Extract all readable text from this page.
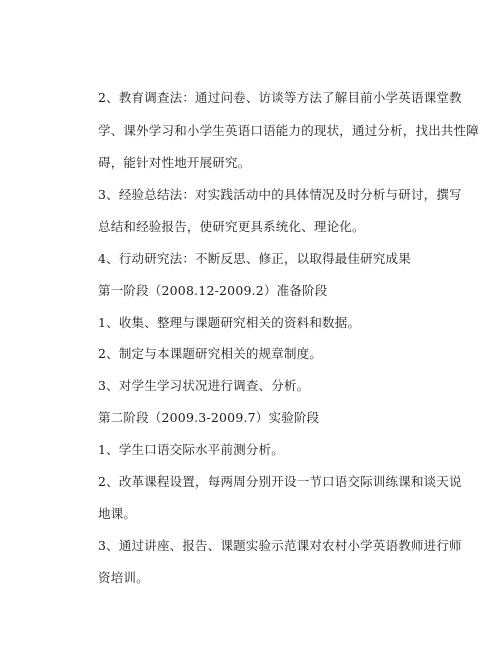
2、教育调查法：通过问卷、访谈等方法了解目前小学英语课堂教
学、课外学习和小学生英语口语能力的现状，通过分析，找出共性障
碍，能针对性地开展研究。
3、经验总结法：对实践活动中的具体情况及时分析与研讨，撰写
总结和经验报告，使研究更具系统化、理论化。
4、行动研究法：不断反思、修正，以取得最佳研究成果
第一阶段（2008.12-2009.2）准备阶段
1、收集、整理与课题研究相关的资料和数据。
2、制定与本课题研究相关的规章制度。
3、对学生学习状况进行调查、分析。
第二阶段（2009.3-2009.7）实验阶段
1、学生口语交际水平前测分析。
2、改革课程设置，每两周分别开设一节口语交际训练课和谈天说
地课。
3、通过讲座、报告、课题实验示范课对农村小学英语教师进行师
资培训。
